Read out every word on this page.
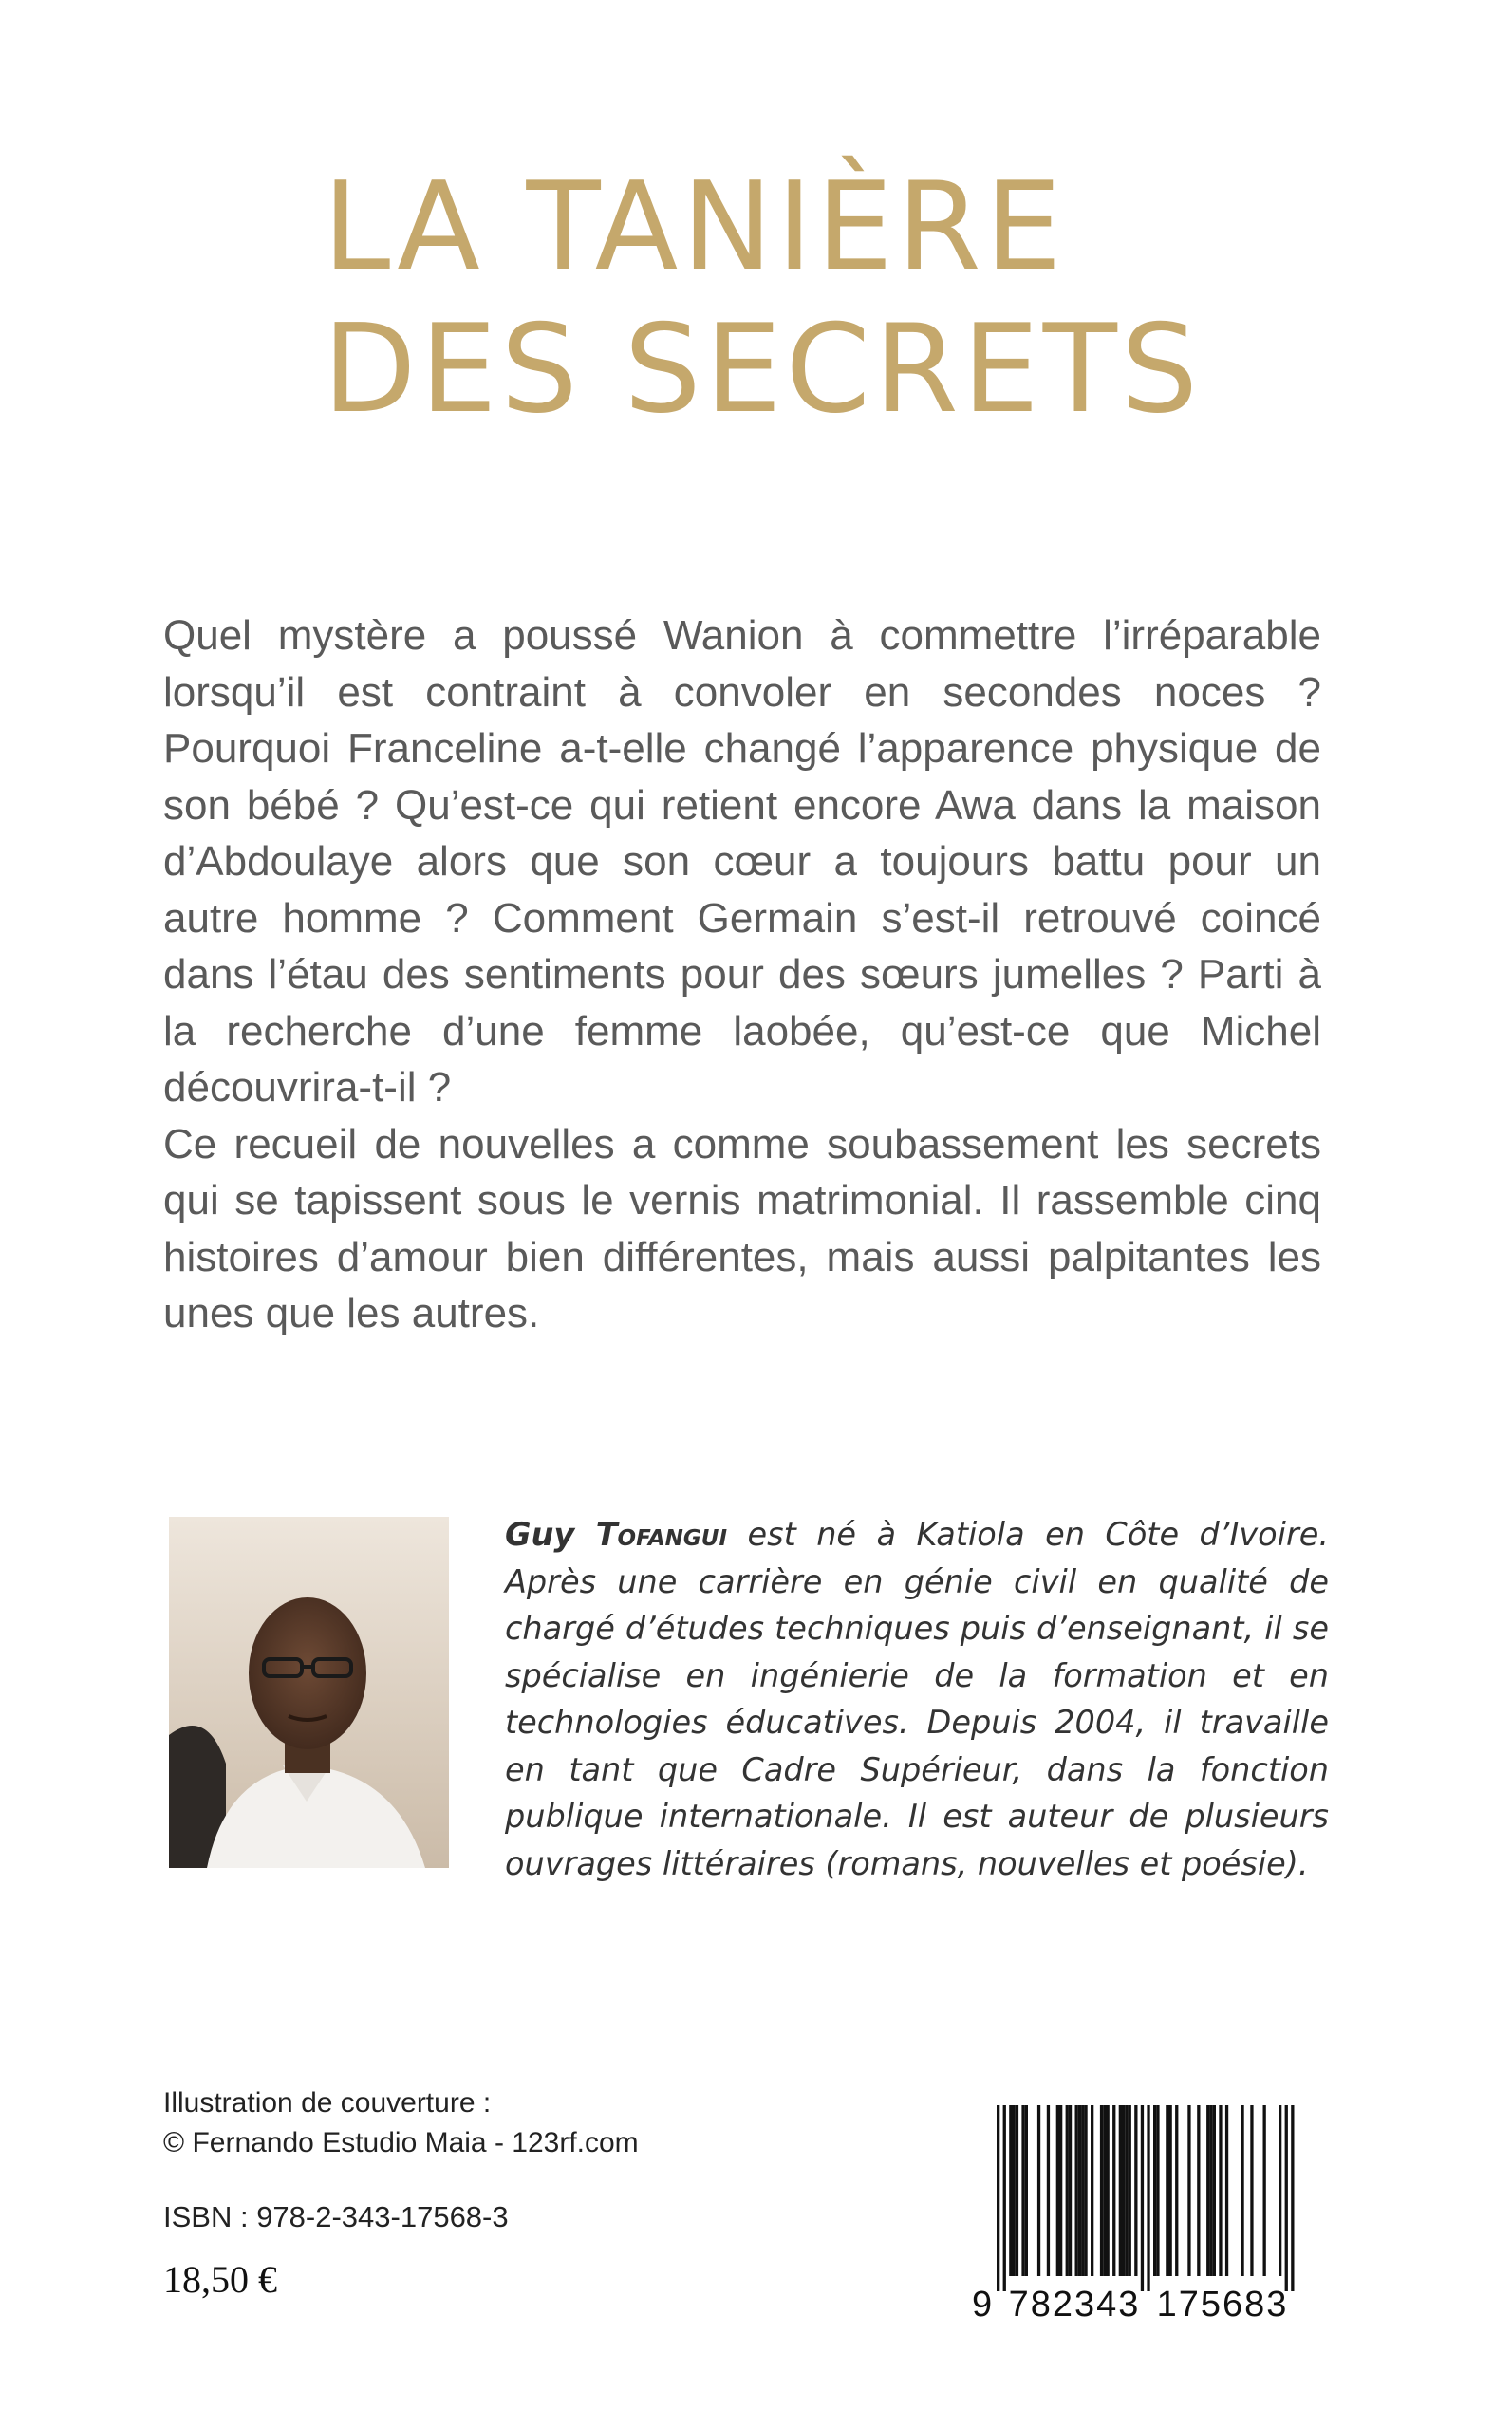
LA TANIÈRE
DES SECRETS

Quel mystère a poussé Wanion à commettre l’irréparable lorsqu’il est contraint à convoler en secondes noces ? Pourquoi Franceline a-t-elle changé l’apparence physique de son bébé ? Qu’est-ce qui retient encore Awa dans la maison d’Abdoulaye alors que son cœur a toujours battu pour un autre homme ? Comment Germain s’est-il retrouvé coincé dans l’étau des sentiments pour des sœurs jumelles ? Parti à la recherche d’une femme laobée, qu’est-ce que Michel découvrira-t-il ?

Ce recueil de nouvelles a comme soubassement les secrets qui se tapissent sous le vernis matrimonial. Il rassemble cinq histoires d’amour bien différentes, mais aussi palpitantes les unes que les autres.

Guy Tofangui est né à Katiola en Côte d’Ivoire. Après une carrière en génie civil en qualité de chargé d’études techniques puis d’enseignant, il se spécialise en ingénierie de la formation et en technologies éducatives. Depuis 2004, il travaille en tant que Cadre Supérieur, dans la fonction publique internationale. Il est auteur de plusieurs ouvrages littéraires (romans, nouvelles et poésie).
Illustration de couverture :
© Fernando Estudio Maia - 123rf.com
ISBN : 978-2-343-17568-3
18,50 €
9 782343 175683
